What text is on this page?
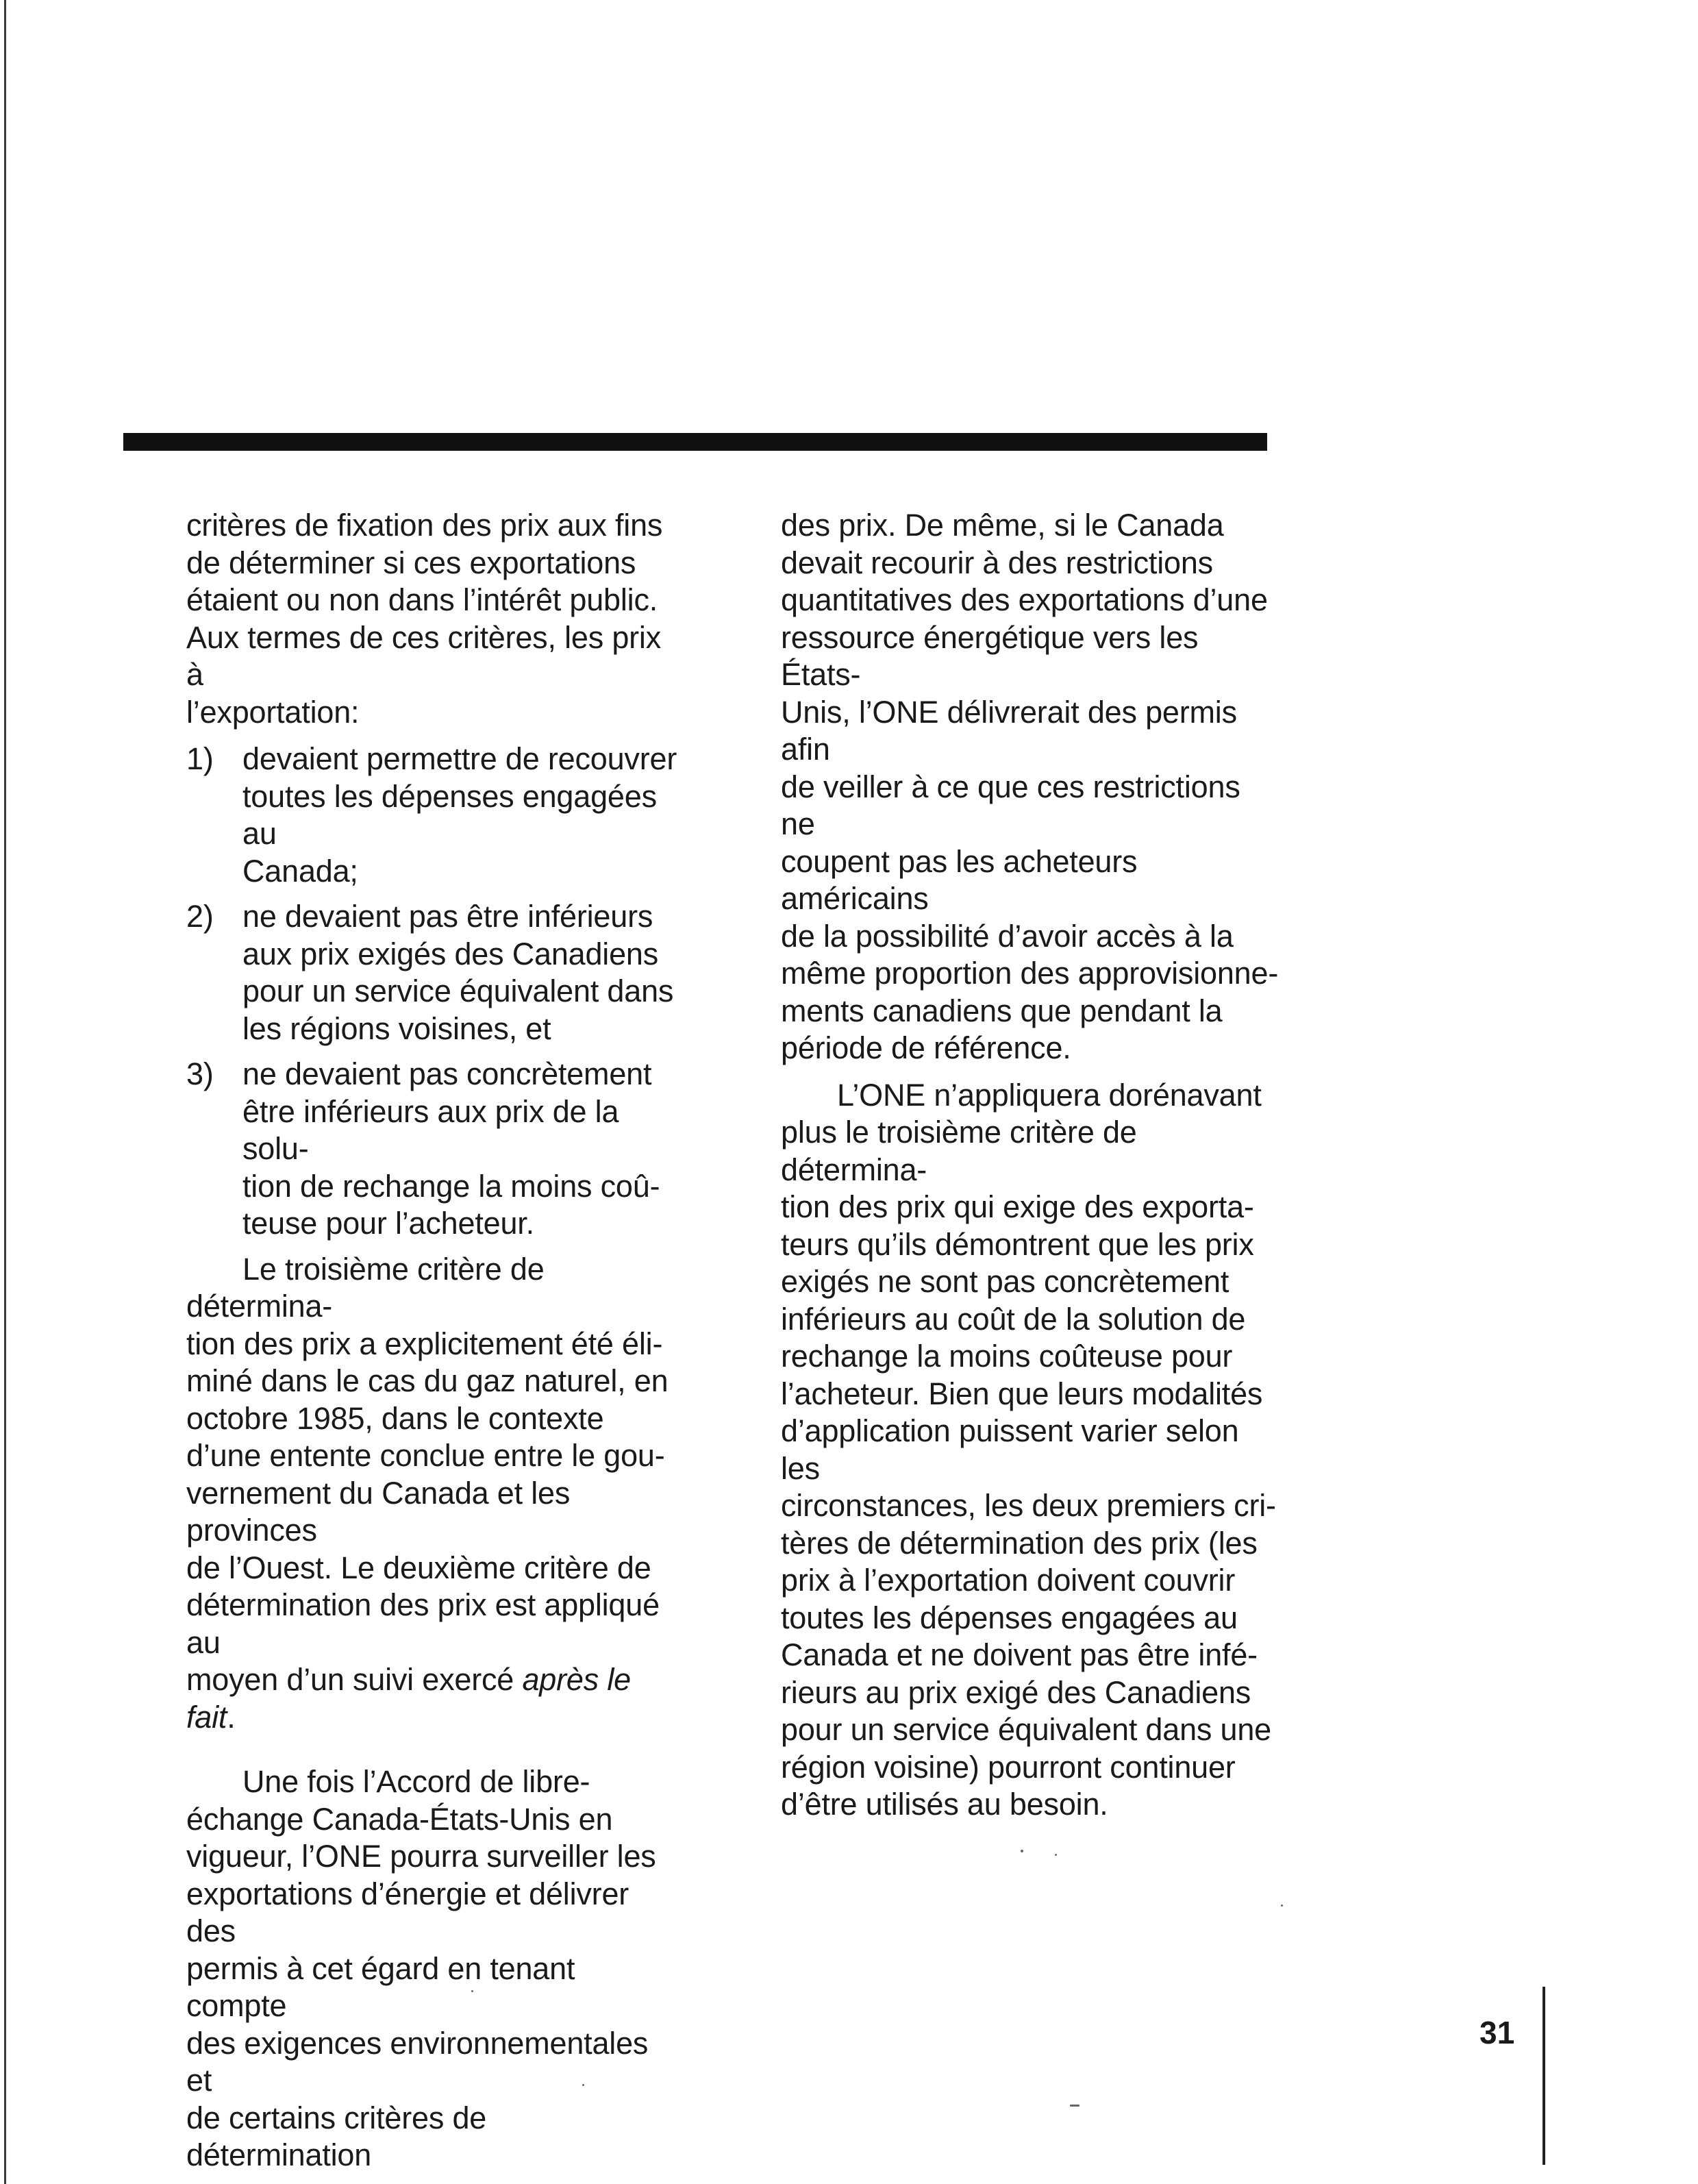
critères de fixation des prix aux fins
de déterminer si ces exportations
étaient ou non dans l’intérêt public.
Aux termes de ces critères, les prix à
l’exportation:

1) devaient permettre de recouvrer
toutes les dépenses engagées au
Canada;
2) ne devaient pas être inférieurs
aux prix exigés des Canadiens
pour un service équivalent dans
les régions voisines, et
3) ne devaient pas concrètement
être inférieurs aux prix de la solu-
tion de rechange la moins coû-
teuse pour l’acheteur.

Le troisième critère de détermina-
tion des prix a explicitement été éli-
miné dans le cas du gaz naturel, en
octobre 1985, dans le contexte
d’une entente conclue entre le gou-
vernement du Canada et les provinces
de l’Ouest. Le deuxième critère de
détermination des prix est appliqué au
moyen d’un suivi exercé après le fait.

Une fois l’Accord de libre-
échange Canada-États-Unis en
vigueur, l’ONE pourra surveiller les
exportations d’énergie et délivrer des
permis à cet égard en tenant compte
des exigences environnementales et
de certains critères de détermination

des prix. De même, si le Canada
devait recourir à des restrictions
quantitatives des exportations d’une
ressource énergétique vers les États-
Unis, l’ONE délivrerait des permis afin
de veiller à ce que ces restrictions ne
coupent pas les acheteurs américains
de la possibilité d’avoir accès à la
même proportion des approvisionne-
ments canadiens que pendant la
période de référence.

L’ONE n’appliquera dorénavant
plus le troisième critère de détermina-
tion des prix qui exige des exporta-
teurs qu’ils démontrent que les prix
exigés ne sont pas concrètement
inférieurs au coût de la solution de
rechange la moins coûteuse pour
l’acheteur. Bien que leurs modalités
d’application puissent varier selon les
circonstances, les deux premiers cri-
tères de détermination des prix (les
prix à l’exportation doivent couvrir
toutes les dépenses engagées au
Canada et ne doivent pas être infé-
rieurs au prix exigé des Canadiens
pour un service équivalent dans une
région voisine) pourront continuer
d’être utilisés au besoin.

31
